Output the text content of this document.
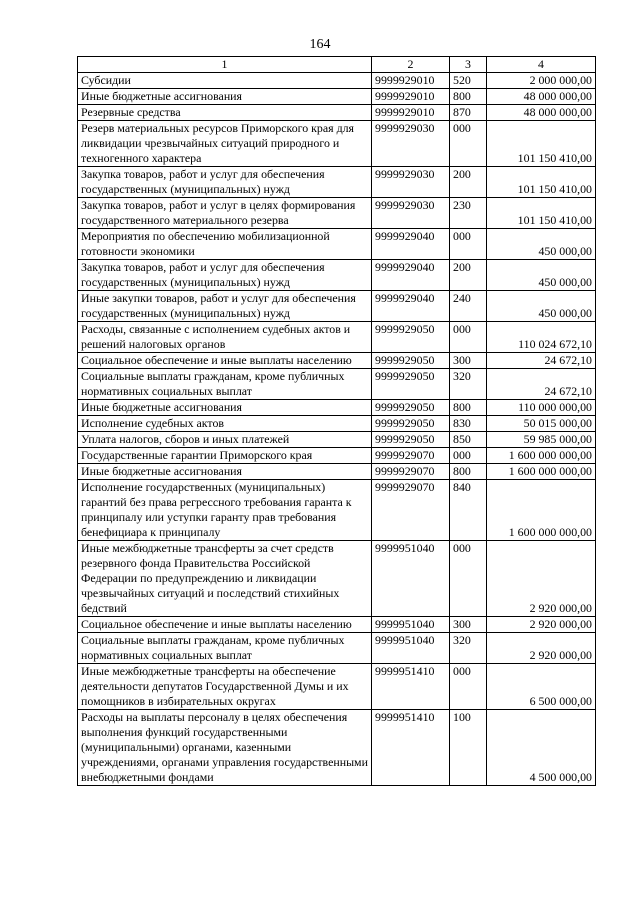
164
1	2	3	4
Субсидии	9999929010	520	2 000 000,00
Иные бюджетные ассигнования	9999929010	800	48 000 000,00
Резервные средства	9999929010	870	48 000 000,00
Резерв материальных ресурсов Приморского края для ликвидации чрезвычайных ситуаций природного и техногенного характера	9999929030	000	101 150 410,00
Закупка товаров, работ и услуг для обеспечения государственных (муниципальных) нужд	9999929030	200	101 150 410,00
Закупка товаров, работ и услуг в целях формирования государственного материального резерва	9999929030	230	101 150 410,00
Мероприятия по обеспечению мобилизационной готовности экономики	9999929040	000	450 000,00
Закупка товаров, работ и услуг для обеспечения государственных (муниципальных) нужд	9999929040	200	450 000,00
Иные закупки товаров, работ и услуг для обеспечения государственных (муниципальных) нужд	9999929040	240	450 000,00
Расходы, связанные с исполнением судебных актов и решений налоговых органов	9999929050	000	110 024 672,10
Социальное обеспечение и иные выплаты населению	9999929050	300	24 672,10
Социальные выплаты гражданам, кроме публичных нормативных социальных выплат	9999929050	320	24 672,10
Иные бюджетные ассигнования	9999929050	800	110 000 000,00
Исполнение судебных актов	9999929050	830	50 015 000,00
Уплата налогов, сборов и иных платежей	9999929050	850	59 985 000,00
Государственные гарантии Приморского края	9999929070	000	1 600 000 000,00
Иные бюджетные ассигнования	9999929070	800	1 600 000 000,00
Исполнение государственных (муниципальных) гарантий без права регрессного требования гаранта к принципалу или уступки гаранту прав требования бенефициара к принципалу	9999929070	840	1 600 000 000,00
Иные межбюджетные трансферты за счет средств резервного фонда Правительства Российской Федерации по предупреждению и ликвидации чрезвычайных ситуаций и последствий стихийных бедствий	9999951040	000	2 920 000,00
Социальное обеспечение и иные выплаты населению	9999951040	300	2 920 000,00
Социальные выплаты гражданам, кроме публичных нормативных социальных выплат	9999951040	320	2 920 000,00
Иные межбюджетные трансферты на обеспечение деятельности депутатов Государственной Думы и их помощников в избирательных округах	9999951410	000	6 500 000,00
Расходы на выплаты персоналу в целях обеспечения выполнения функций государственными (муниципальными) органами, казенными учреждениями, органами управления государственными внебюджетными фондами	9999951410	100	4 500 000,00
